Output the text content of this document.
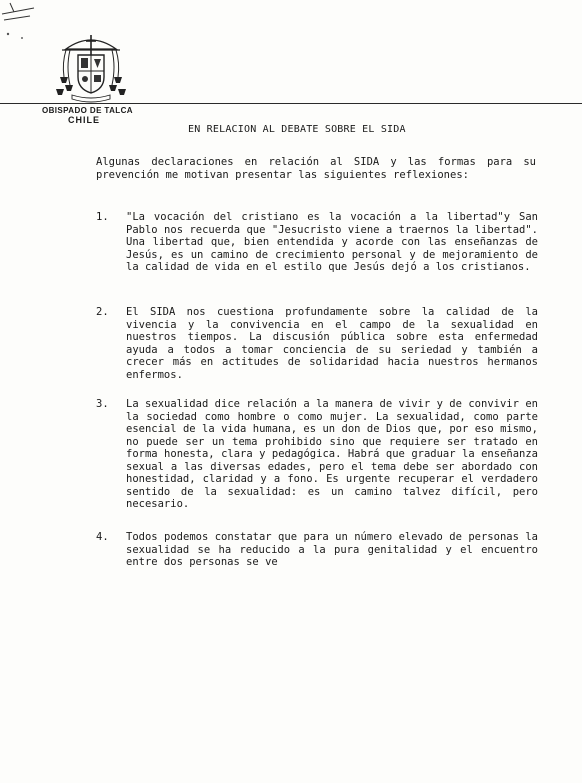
OBISPADO DE TALCA
CHILE
EN RELACION AL DEBATE SOBRE EL SIDA
Algunas declaraciones en relación al SIDA y las formas para su prevención me motivan presentar las siguientes reflexiones:
1.	"La vocación del cristiano es la vocación a la libertad"y San Pablo nos recuerda que "Jesucristo viene a traernos la libertad". Una libertad que, bien entendida y acorde con las enseñanzas de Jesús, es un camino de crecimiento personal y de mejoramiento de la calidad de vida en el estilo que Jesús dejó a los cristianos.
2.	El SIDA nos cuestiona profundamente sobre la calidad de la vivencia y la convivencia en el campo de la sexualidad en nuestros tiempos. La discusión pública sobre esta enfermedad ayuda a todos a tomar conciencia de su seriedad y también a crecer más en actitudes de solidaridad hacia nuestros hermanos enfermos.
3.	La sexualidad dice relación a la manera de vivir y de convivir en la sociedad como hombre o como mujer. La sexualidad, como parte esencial de la vida humana, es un don de Dios que, por eso mismo, no puede ser un tema prohibido sino que requiere ser tratado en forma honesta, clara y pedagógica. Habrá que graduar la enseñanza sexual a las diversas edades, pero el tema debe ser abordado con honestidad, claridad y a fono. Es urgente recuperar el verdadero sentido de la sexualidad: es un camino talvez difícil, pero necesario.
4.	Todos podemos constatar que para un número elevado de personas la sexualidad se ha reducido a la pura genitalidad y el encuentro entre dos personas se ve
